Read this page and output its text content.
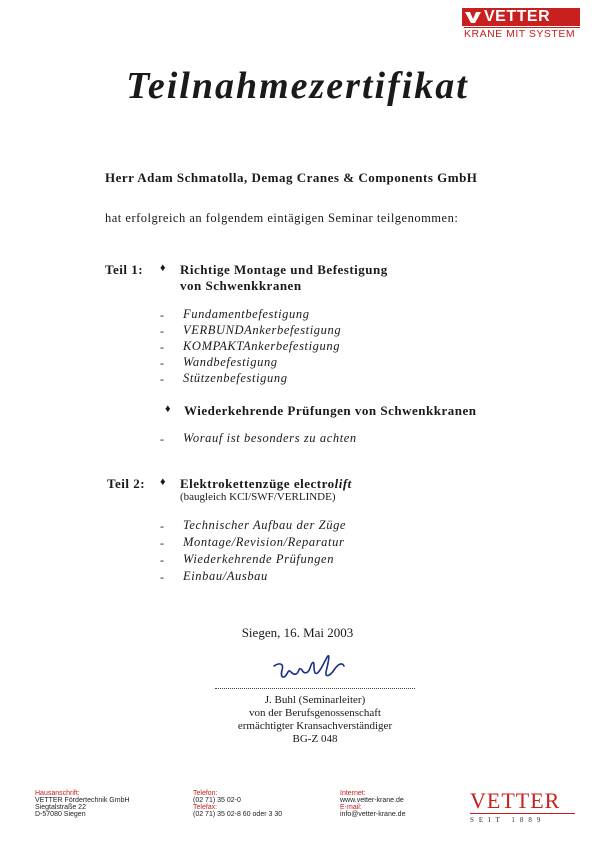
VETTER
KRANE MIT SYSTEM
Teilnahmezertifikat
Herr Adam Schmatolla, Demag Cranes & Components GmbH
hat erfolgreich an folgendem eintägigen Seminar teilgenommen:
Teil 1: ♦ Richtige Montage und Befestigung
von Schwenkkranen
- Fundamentbefestigung
- VERBUNDAnkerbefestigung
- KOMPAKTAnkerbefestigung
- Wandbefestigung
- Stützenbefestigung
♦ Wiederkehrende Prüfungen von Schwenkkranen
- Worauf ist besonders zu achten
Teil 2: ♦ Elektrokettenzüge electrolift
(baugleich KCI/SWF/VERLINDE)
- Technischer Aufbau der Züge
- Montage/Revision/Reparatur
- Wiederkehrende Prüfungen
- Einbau/Ausbau
Siegen, 16. Mai 2003
J. Buhl (Seminarleiter)
von der Berufsgenossenschaft
ermächtigter Kransachverständiger
BG-Z 048
Hausanschrift:
VETTER Fördertechnik GmbH
Siegtalstraße 22
D-57080 Siegen
Telefon:
(02 71) 35 02-0
Telefax:
(02 71) 35 02-8 60 oder 3 30
Internet:
www.vetter-krane.de
E-mail:
info@vetter-krane.de
VETTER
SEIT 1889
